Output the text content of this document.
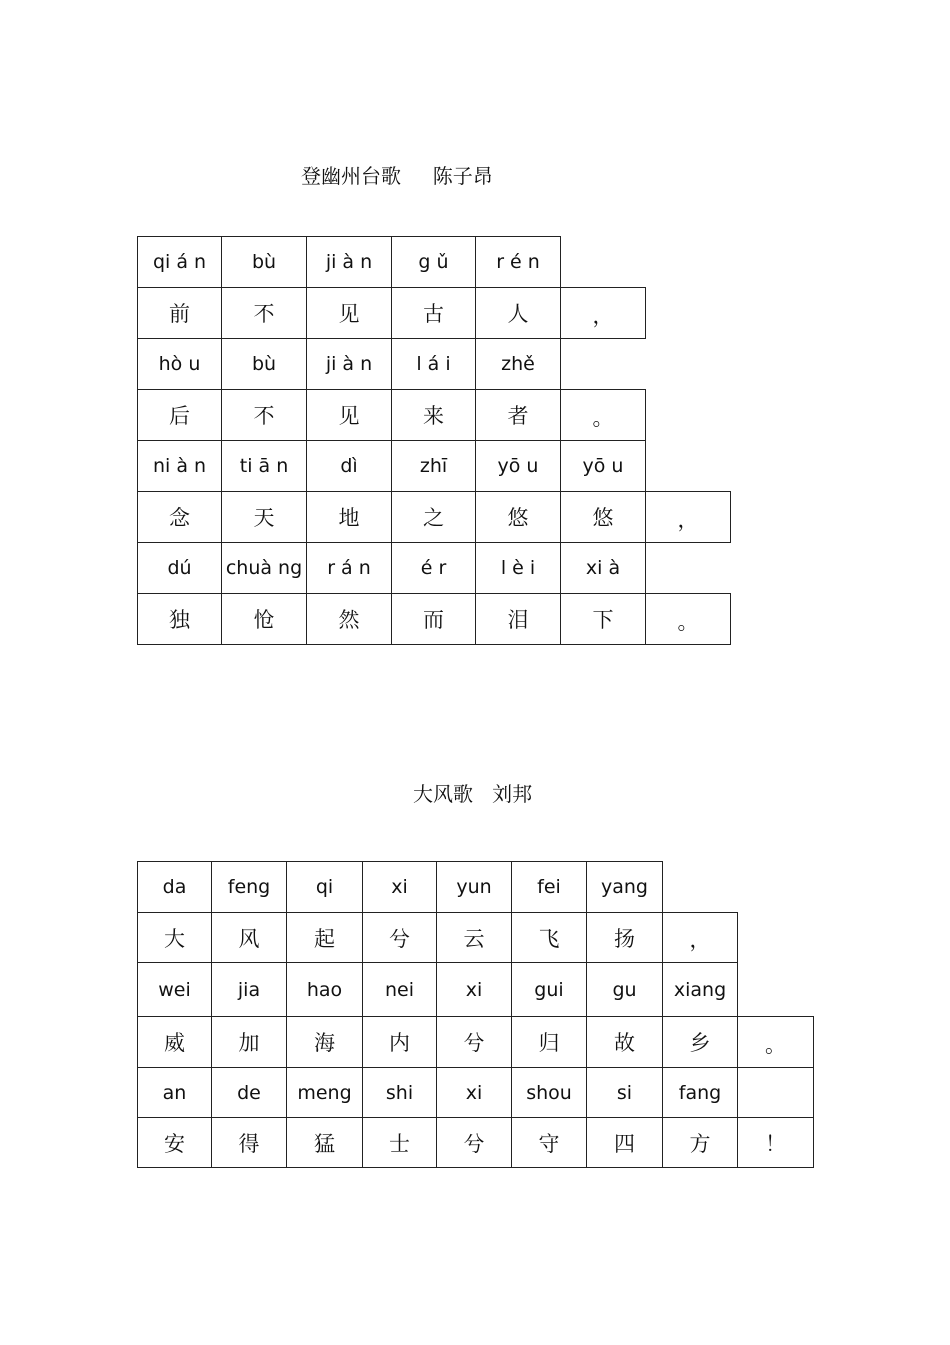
登幽州台歌     陈子昂
大风歌   刘邦
qi á n	bù	ji à n	g ǔ	r é n
前	不	见	古	人	，
hò u	bù	ji à n	l á i	zhě
后	不	见	来	者	。
ni à n	ti ā n	dì	zhī	yō u	yō u
念	天	地	之	悠	悠	，
dú	chuà ng	r á n	é r	l è i	xi à
独	怆	然	而	泪	下	。
da	feng	qi	xi	yun	fei	yang
大	风	起	兮	云	飞	扬	，
wei	jia	hao	nei	xi	gui	gu	xiang
威	加	海	内	兮	归	故	乡	。
an	de	meng	shi	xi	shou	si	fang
安	得	猛	士	兮	守	四	方	！
